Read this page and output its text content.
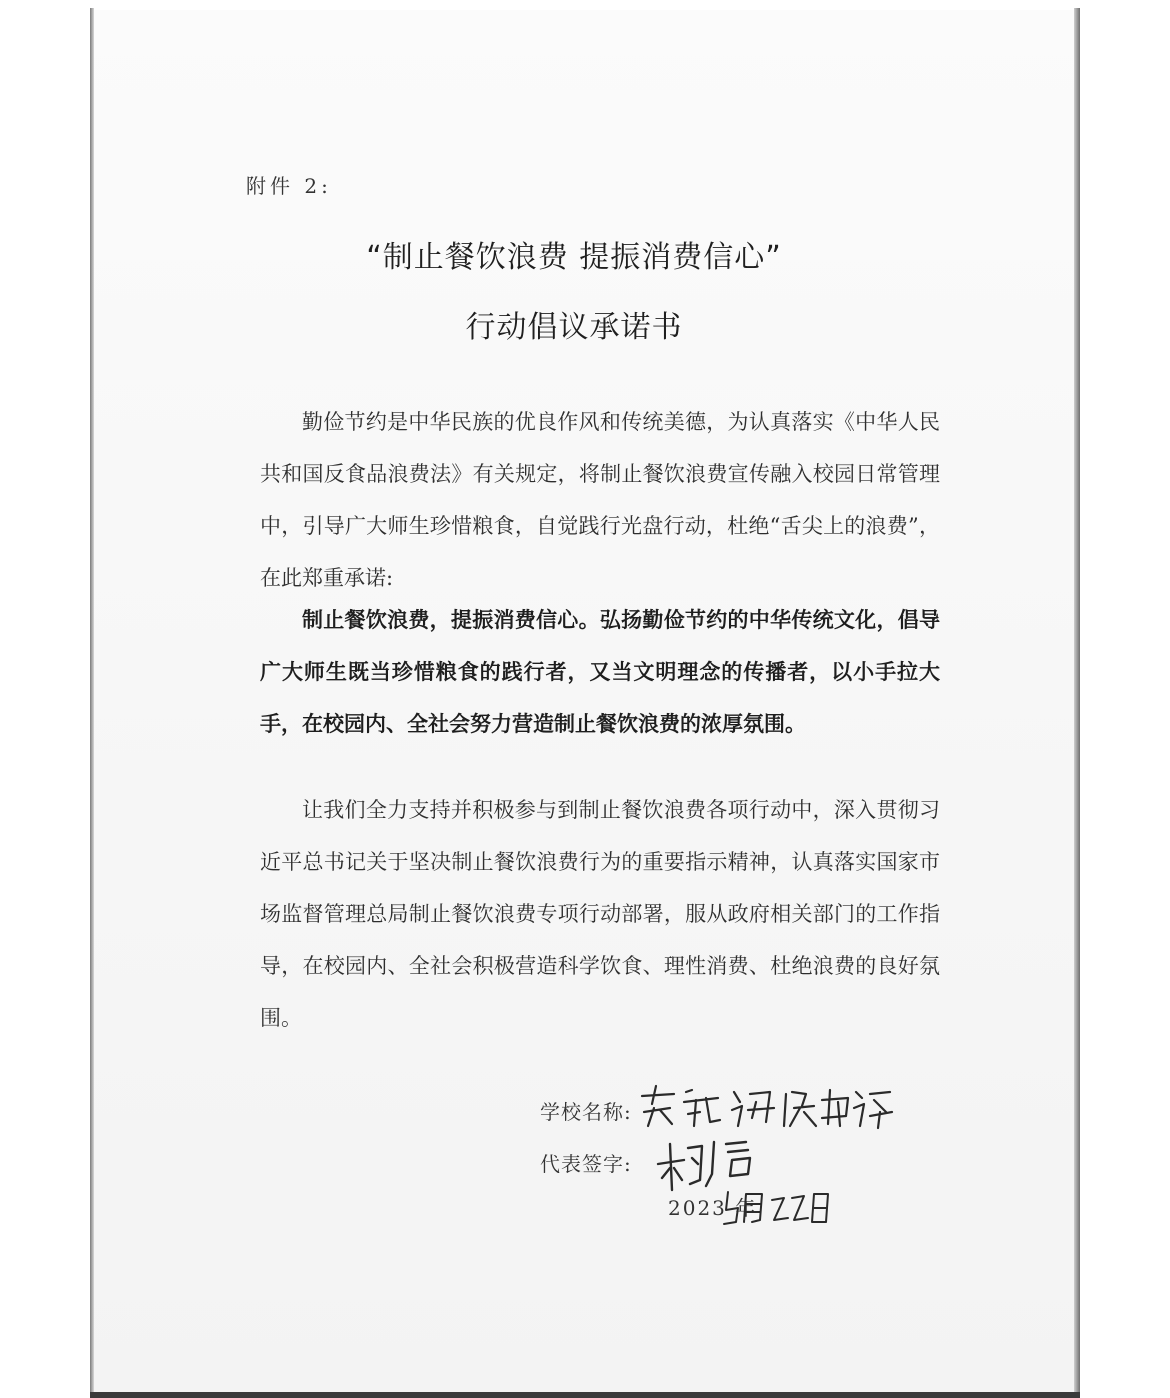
附件 2:
“制止餐饮浪费 提振消费信心”
行动倡议承诺书

勤俭节约是中华民族的优良作风和传统美德，为认真落实《中华人民共和国反食品浪费法》有关规定，将制止餐饮浪费宣传融入校园日常管理中，引导广大师生珍惜粮食，自觉践行光盘行动，杜绝“舌尖上的浪费”，在此郑重承诺:

制止餐饮浪费，提振消费信心。弘扬勤俭节约的中华传统文化，倡导广大师生既当珍惜粮食的践行者，又当文明理念的传播者，以小手拉大手，在校园内、全社会努力营造制止餐饮浪费的浓厚氛围。

让我们全力支持并积极参与到制止餐饮浪费各项行动中，深入贯彻习近平总书记关于坚决制止餐饮浪费行为的重要指示精神，认真落实国家市场监督管理总局制止餐饮浪费专项行动部署，服从政府相关部门的工作指导，在校园内、全社会积极营造科学饮食、理性消费、杜绝浪费的良好氛围。

学校名称:
代表签字:
2023 年
